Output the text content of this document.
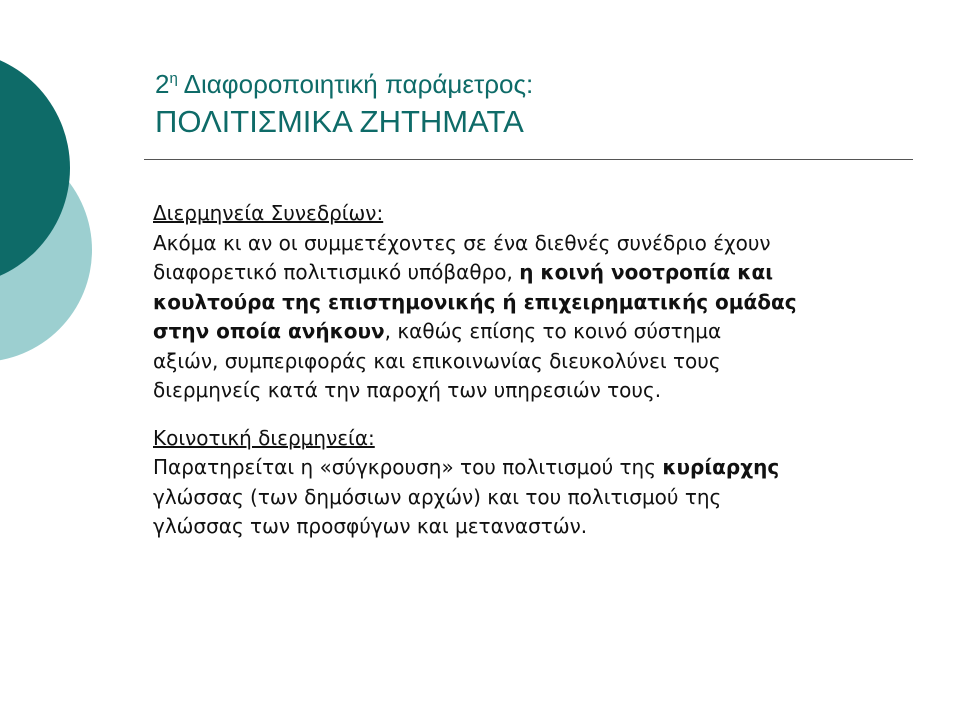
$2^\eta$ Διαφοροποιητική παράμετρος:
ΠΟΛΙΤΙΣΜΙΚΑ ΖΗΤΗΜΑΤΑ
Διερμηνεία Συνεδρίων:
Ακόμα κι αν οι συμμετέχοντες σε ένα διεθνές συνέδριο έχουν
διαφορετικό πολιτισμικό υπόβαθρο, η κοινή νοοτροπία και
κουλτούρα της επιστημονικής ή επιχειρηματικής ομάδας
στην οποία ανήκουν, καθώς επίσης το κοινό σύστημα
αξιών, συμπεριφοράς και επικοινωνίας διευκολύνει τους
διερμηνείς κατά την παροχή των υπηρεσιών τους.
Κοινοτική διερμηνεία:
Παρατηρείται η «σύγκρουση» του πολιτισμού της κυρίαρχης
γλώσσας (των δημόσιων αρχών) και του πολιτισμού της
γλώσσας των προσφύγων και μεταναστών.
